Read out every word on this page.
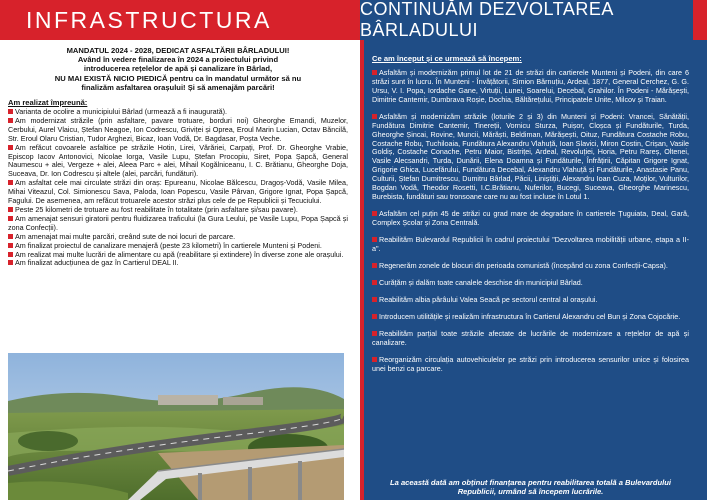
INFRASTRUCTURA	CONTINUĂM DEZVOLTAREA BÂRLADULUI
MANDATUL 2024 - 2028, DEDICAT ASFALTĂRII BÂRLADULUI!
Având în vedere finalizarea în 2024 a proiectului privind
introducerea rețelelor de apă și canalizare în Bârlad,
NU MAI EXISTĂ NICIO PIEDICĂ pentru ca în mandatul următor să nu
finalizăm asfaltarea orașului! Și să amenajăm parcări!
Am realizat împreună:
Varianta de ocolire a municipiului Bârlad (urmează a fi inaugurată).
Am modernizat străzile (prin asfaltare, pavare trotuare, borduri noi) Gheorghe Emandi, Muzelor, Cerbului, Aurel Vlaicu, Ștefan Neagoe, Ion Codrescu, Griviței și Oprea, Eroul Marin Lucian, Octav Băncilă, Str. Eroul Olaru Cristian, Tudor Arghezi, Bicaz, Ioan Vodă, Dr. Bagdasar, Poșta Veche.
Am refăcut covoarele asfaltice pe străzile Hotin, Lirei, Vărăriei, Carpați, Prof. Dr. Gheorghe Vrabie, Episcop Iacov Antonovici, Nicolae Iorga, Vasile Lupu, Ștefan Procopiu, Siret, Popa Șapcă, General Naumescu + alei, Vergeze + alei, Aleea Parc + alei, Mihail Kogălniceanu, I. C. Brătianu, Gheorghe Doja, Suceava, Dr. Ion Codrescu și altele (alei, parcări, fundături).
Am asfaltat cele mai circulate străzi din oraș: Epureanu, Nicolae Bălcescu, Dragoș-Vodă, Vasile Milea, Mihai Viteazul, Col. Simionescu Sava, Paloda, Ioan Popescu, Vasile Pârvan, Grigore Ignat, Popa Șapcă, Fagului. De asemenea, am refăcut trotuarele acestor străzi plus cele de pe Republicii și Tecuciului.
Peste 25 kilometri de trotuare au fost reabilitate în totalitate (prin asfaltare și/sau pavare).
Am amenajat sensuri giratorii pentru fluidizarea traficului (la Gura Leului, pe Vasile Lupu, Popa Șapcă și zona Confecții).
Am amenajat mai multe parcări, creând sute de noi locuri de parcare.
Am finalizat proiectul de canalizare menajeră (peste 23 kilometri) în cartierele Munteni și Podeni.
Am realizat mai multe lucrări de alimentare cu apă (reabilitare și extindere) în diverse zone ale orașului.
Am finalizat aducțiunea de gaz în Cartierul DEAL II.
Ce am început și ce urmează să începem:
Asfaltăm și modernizăm primul lot de 21 de străzi din cartierele Munteni și Podeni, din care 6 străzi sunt în lucru. În Munteni - Învățătorii, Simion Bărnuțiu, Ardeal, 1877, General Cerchez, G. G. Ursu, V. I. Popa, Iordache Gane, Virtuții, Lunei, Soarelui, Decebal, Grahilor. În Podeni - Mărășești, Dimitrie Cantemir, Dumbrava Roșie, Dochia, Băltărețului, Principatele Unite, Milcov și Traian.
Asfaltăm și modernizăm străzile (loturile 2 și 3) din Munteni și Podeni: Vrancei, Sănătății, Fundătura Dimitrie Cantemir, Tinereții, Vornicu Sturza, Puișor, Cloșca și Fundăturile, Turda, Gheorghe Șincai, Rovine, Muncii, Mărăști, Beldiman, Mărășești, Oituz, Fundătura Costache Robu, Costache Robu, Tuchiloaia, Fundătura Alexandru Vlahuță, Ioan Slavici, Miron Costin, Crișan, Vasile Goldiș, Costache Conache, Petru Maior, Bistriței, Ardeal, Revoluției, Horia, Petru Rareș, Oltenei, Vasile Alecsandri, Turda, Dunării, Elena Doamna și Fundăturile, Înfrățirii, Căpitan Grigore Ignat, Grigorie Ghica, Lucefărului, Fundătura Decebal, Alexandru Vlahuță și Fundăturile, Anastasie Panu, Culturii, Ștefan Dumitrescu, Dumitru Bârlad, Păcii, Liniștiții, Alexandru Ioan Cuza, Moților, Vulturilor, Bogdan Vodă, Theodor Rosetti, I.C.Brătianu, Nuferilor, Bucegi, Suceava, Gheorghe Marinescu, Burebista, fundături sau tronsoane care nu au fost incluse în Lotul 1.
Asfaltăm cel puțin 45 de străzi cu grad mare de degradare în cartierele Țuguiata, Deal, Gară, Complex Școlar și Zona Centrală.
Reabilităm Bulevardul Republicii în cadrul proiectului "Dezvoltarea mobilității urbane, etapa a II-a".
Regenerăm zonele de blocuri din perioada comunistă (începând cu zona Confecții-Capsa).
Curățăm și dalăm toate canalele deschise din municipiul Bârlad.
Reabilităm albia pârâului Valea Seacă pe sectorul central al orașului.
Introducem utilitățile și realizăm infrastructura în Cartierul Alexandru cel Bun și Zona Cojocărie.
Reabilităm parțial toate străzile afectate de lucrările de modernizare a rețelelor de apă și canalizare.
Reorganizăm circulația autovehiculelor pe străzi prin introducerea sensurilor unice și folosirea unei benzi ca parcare.
La această dată am obținut finanțarea pentru reabilitarea totală a Bulevardului Republicii, urmând să începem lucrările.
